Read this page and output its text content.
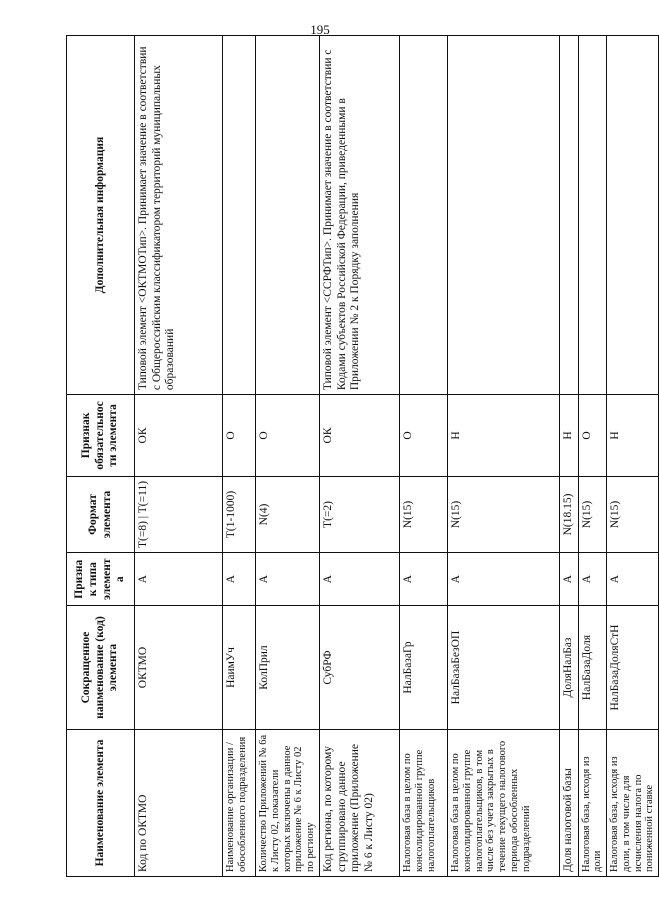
195
Наименование элемента	Сокращенное наименование (код) элемента	Признак типа элемента	Формат элемента	Признак обязательности элемента	Дополнительная информация
Код по ОКТМО	ОКТМО	А	T(=8) | T(=11)	ОК	Типовой элемент <ОКТМОТип>. Принимает значение в соответствии с Общероссийским классификатором территорий муниципальных образований
Наименование организации / обособленного подразделения	НаимУч	А	T(1-1000)	О	
Количество Приложений № 6а к Листу 02, показатели которых включены в данное приложение № 6 к Листу 02 по региону	КолПрил	А	N(4)	О	
Код региона, по которому сгруппировано данное приложение (Приложение № 6 к Листу 02)	СубРФ	А	T(=2)	ОК	Типовой элемент <ССРФТип>. Принимает значение в соответствии с Кодами субъектов Российской Федерации, приведенными в Приложении № 2 к Порядку заполнения
Налоговая база в целом по консолидированной группе налогоплательщиков	НалБазаГр	А	N(15)	О	
Налоговая база в целом по консолидированной группе налогоплательщиков, в том числе без учета закрытых в течение текущего налогового периода обособленных подразделений	НалБазаБезОП	А	N(15)	Н	
Доля налоговой базы	ДоляНалБаз	А	N(18.15)	Н	
Налоговая база, исходя из доли	НалБазаДоля	А	N(15)	О	
Налоговая база, исходя из доли, в том числе для исчисления налога по пониженной ставке	НалБазаДоляСтН	А	N(15)	Н	
